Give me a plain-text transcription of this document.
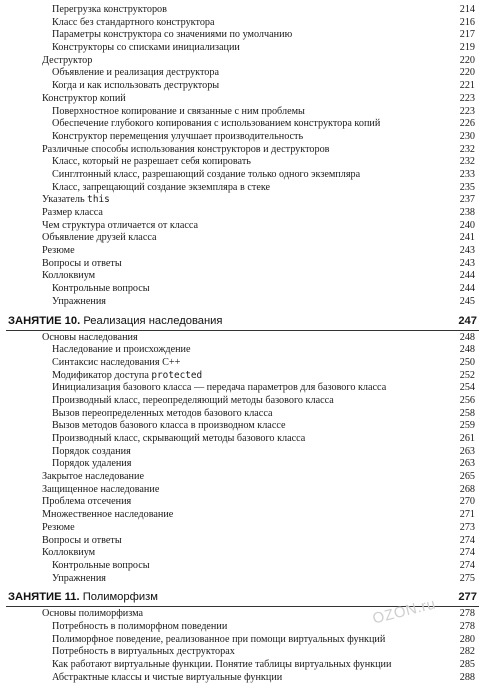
Перегрузка конструкторов	214
Класс без стандартного конструктора	216
Параметры конструктора со значениями по умолчанию	217
Конструкторы со списками инициализации	219
Деструктор	220
Объявление и реализация деструктора	220
Когда и как использовать деструкторы	221
Конструктор копий	223
Поверхностное копирование и связанные с ним проблемы	223
Обеспечение глубокого копирования с использованием конструктора копий	226
Конструктор перемещения улучшает производительность	230
Различные способы использования конструкторов и деструкторов	232
Класс, который не разрешает себя копировать	232
Синглтонный класс, разрешающий создание только одного экземпляра	233
Класс, запрещающий создание экземпляра в стеке	235
Указатель this	237
Размер класса	238
Чем структура отличается от класса	240
Объявление друзей класса	241
Резюме	243
Вопросы и ответы	243
Коллоквиум	244
Контрольные вопросы	244
Упражнения	245
ЗАНЯТИЕ 10. Реализация наследования	247
Основы наследования	248
Наследование и происхождение	248
Синтаксис наследования C++	250
Модификатор доступа protected	252
Инициализация базового класса — передача параметров для базового класса	254
Производный класс, переопределяющий методы базового класса	256
Вызов переопределенных методов базового класса	258
Вызов методов базового класса в производном классе	259
Производный класс, скрывающий методы базового класса	261
Порядок создания	263
Порядок удаления	263
Закрытое наследование	265
Защищенное наследование	268
Проблема отсечения	270
Множественное наследование	271
Резюме	273
Вопросы и ответы	274
Коллоквиум	274
Контрольные вопросы	274
Упражнения	275
ЗАНЯТИЕ 11. Полиморфизм	277
Основы полиморфизма	278
Потребность в полиморфном поведении	278
Полиморфное поведение, реализованное при помощи виртуальных функций	280
Потребность в виртуальных деструкторах	282
Как работают виртуальные функции. Понятие таблицы виртуальных функции	285
Абстрактные классы и чистые виртуальные функции	288
OZON.ru
